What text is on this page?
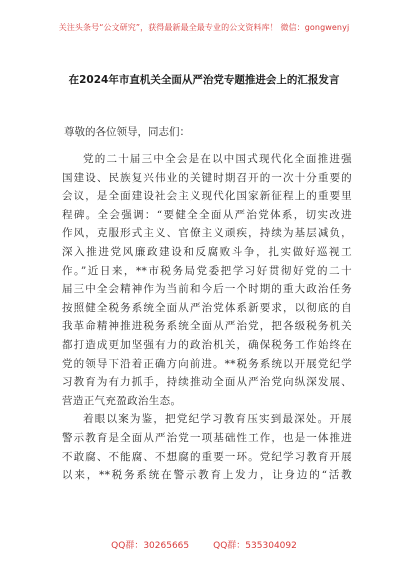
关注头条号“公文研究”，获得最新最全最专业的公文资料库！ 微信：gongwenyj
在2024年市直机关全面从严治党专题推进会上的汇报发言
尊敬的各位领导，同志们：
党的二十届三中全会是在以中国式现代化全面推进强
国建设、民族复兴伟业的关键时期召开的一次十分重要的
会议，是全面建设社会主义现代化国家新征程上的重要里
程碑。全会强调：“要健全全面从严治党体系，切实改进
作风，克服形式主义、官僚主义顽疾，持续为基层减负，
深入推进党风廉政建设和反腐败斗争，扎实做好巡视工
作。”近日来，**市税务局党委把学习好贯彻好党的二十
届三中全会精神作为当前和今后一个时期的重大政治任务
按照健全税务系统全面从严治党体系新要求，以彻底的自
我革命精神推进税务系统全面从严治党，把各级税务机关
都打造成更加坚强有力的政治机关，确保税务工作始终在
党的领导下沿着正确方向前进。**税务系统以开展党纪学
习教育为有力抓手，持续推动全面从严治党向纵深发展、
营造正气充盈政治生态。
着眼以案为鉴，把党纪学习教育压实到最深处。开展
警示教育是全面从严治党一项基础性工作，也是一体推进
不敢腐、不能腐、不想腐的重要一环。党纪学习教育开展
以来，**税务系统在警示教育上发力，让身边的“活教
QQ群：30265665	QQ群：535304092
